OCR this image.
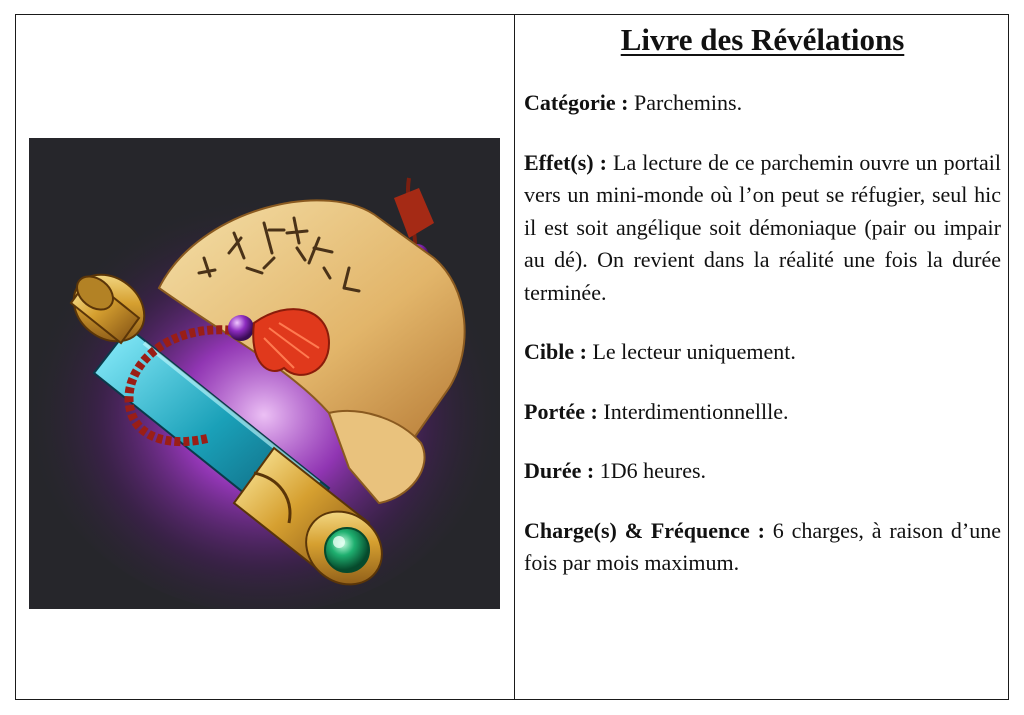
Livre des Révélations

Catégorie : Parchemins.

Effet(s) : La lecture de ce parchemin ouvre un portail vers un mini-monde où l’on peut se réfugier, seul hic il est soit angélique soit démoniaque (pair ou impair au dé). On revient dans la réalité une fois la durée terminée.

Cible : Le lecteur uniquement.

Portée : Interdimentionnellle.

Durée : 1D6 heures.

Charge(s) & Fréquence : 6 charges, à raison d’une fois par mois maximum.
